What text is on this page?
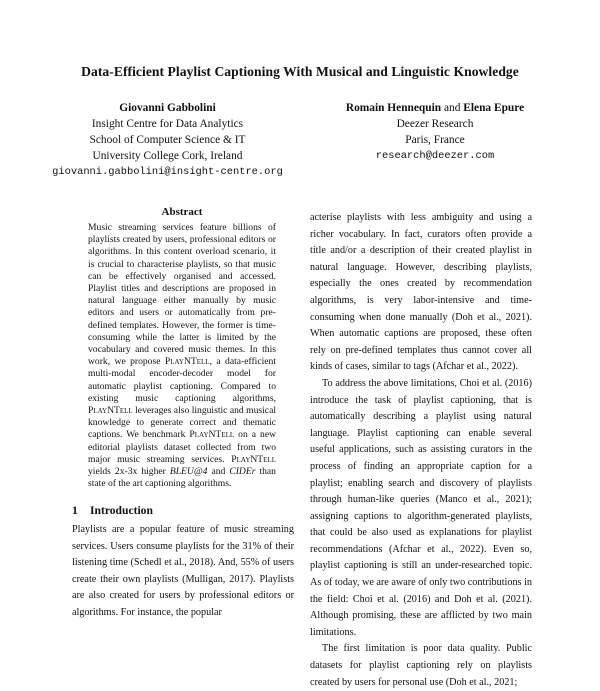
Data-Efficient Playlist Captioning With Musical and Linguistic Knowledge
Giovanni Gabbolini
Insight Centre for Data Analytics
School of Computer Science & IT
University College Cork, Ireland
giovanni.gabbolini@insight-centre.org
Romain Hennequin and Elena Epure
Deezer Research
Paris, France
research@deezer.com
Abstract

Music streaming services feature billions of playlists created by users, professional editors or algorithms. In this content overload scenario, it is crucial to characterise playlists, so that music can be effectively organised and accessed. Playlist titles and descriptions are proposed in natural language either manually by music editors and users or automatically from pre-defined templates. However, the former is time-consuming while the latter is limited by the vocabulary and covered music themes. In this work, we propose PlayNTell, a data-efficient multi-modal encoder-decoder model for automatic playlist captioning. Compared to existing music captioning algorithms, PlayNTell leverages also linguistic and musical knowledge to generate correct and thematic captions. We benchmark PlayNTell on a new editorial playlists dataset collected from two major music streaming services. PlayNTell yields 2x-3x higher BLEU@4 and CIDEr than state of the art captioning algorithms.

1 Introduction

Playlists are a popular feature of music streaming services. Users consume playlists for the 31% of their listening time (Schedl et al., 2018). And, 55% of users create their own playlists (Mulligan, 2017). Playlists are also created for users by professional editors or algorithms. For instance, the popular

acterise playlists with less ambiguity and using a richer vocabulary. In fact, curators often provide a title and/or a description of their created playlist in natural language. However, describing playlists, especially the ones created by recommendation algorithms, is very labor-intensive and time-consuming when done manually (Doh et al., 2021). When automatic captions are proposed, these often rely on pre-defined templates thus cannot cover all kinds of cases, similar to tags (Afchar et al., 2022).

To address the above limitations, Choi et al. (2016) introduce the task of playlist captioning, that is automatically describing a playlist using natural language. Playlist captioning can enable several useful applications, such as assisting curators in the process of finding an appropriate caption for a playlist; enabling search and discovery of playlists through human-like queries (Manco et al., 2021); assigning captions to algorithm-generated playlists, that could be also used as explanations for playlist recommendations (Afchar et al., 2022). Even so, playlist captioning is still an under-researched topic. As of today, we are aware of only two contributions in the field: Choi et al. (2016) and Doh et al. (2021). Although promising, these are afflicted by two main limitations.

The first limitation is poor data quality. Public datasets for playlist captioning rely on playlists created by users for personal use (Doh et al., 2021;
